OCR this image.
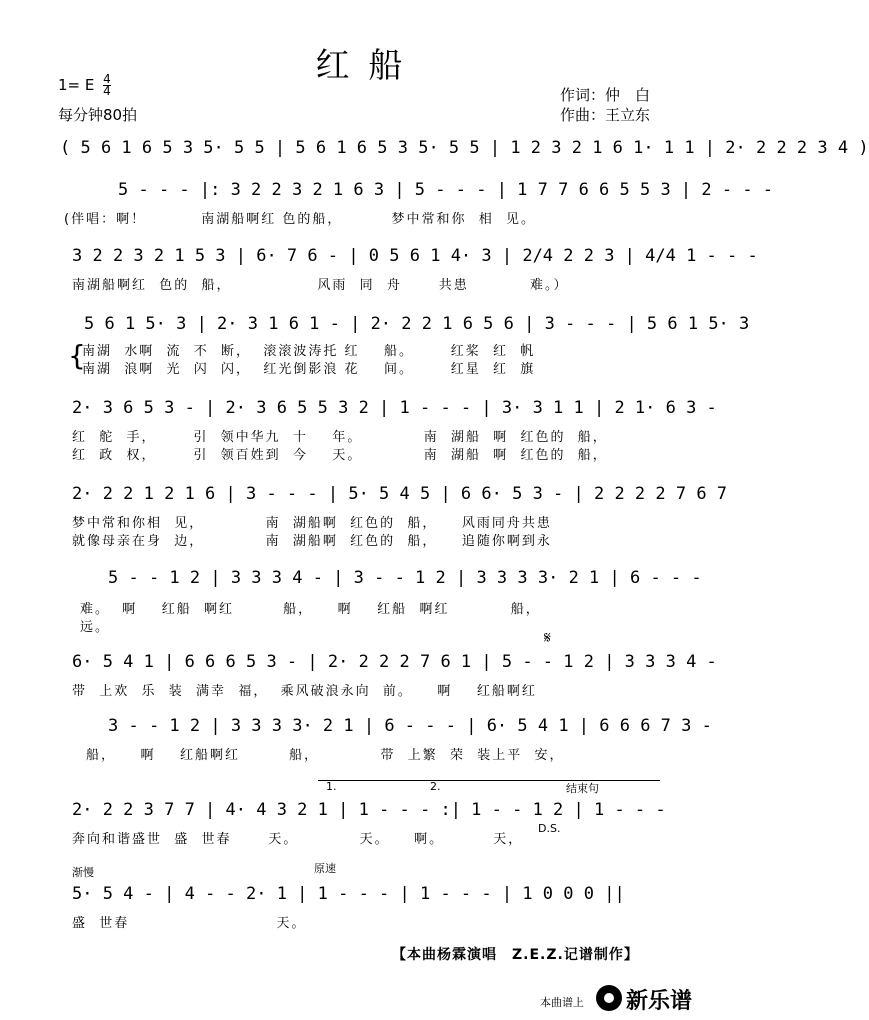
红 船
1= E $\frac{4}{4}$
每分钟80拍
作词：仲　白
作曲：王立东
( 5 6 1 6 5 3 5· 5 5 | 5 6 1 6 5 3 5· 5 5 | 1 2 3 2 1 6 1· 1 1 | 2· 2 2 2 3 4 )
5 - - - |: 3 2 2 3 2 1 6 3 | 5 - - - | 1 7 7 6 6 5 5 3 | 2 - - -
(伴唱：啊！         南湖船啊红 色的船，        梦中常和你  相  见。
3 2 2 3 2 1 5 3 | 6· 7 6 - | 0 5 6 1 4· 3 | 2/4 2 2 3 | 4/4 1 - - -
南湖船啊红  色的  船，              风雨  同  舟      共患          难。）
5 6 1 5· 3 | 2· 3 1 6 1 - | 2· 2 2 1 6 5 6 | 3 - - - | 5 6 1 5· 3
{
南湖  水啊  流  不  断，  滚滚波涛托 红    船。      红桨  红  帆
南湖  浪啊  光  闪  闪，  红光倒影浪 花    间。      红星  红  旗
2· 3 6 5 3 - | 2· 3 6 5 5 3 2 | 1 - - - | 3· 3 1 1 | 2 1· 6 3 -
红  舵  手，      引  领中华九  十    年。          南  湖船  啊  红色的  船，
红  政  权，      引  领百姓到  今    天。          南  湖船  啊  红色的  船，
2· 2 2 1 2 1 6 | 3 - - - | 5· 5 4 5 | 6 6· 5 3 - | 2 2 2 2 7 6 7
梦中常和你相  见，          南  湖船啊  红色的  船，    风雨同舟共患
就像母亲在身  边，          南  湖船啊  红色的  船，    追随你啊到永
5 - - 1 2 | 3 3 3 4 - | 3 - - 1 2 | 3 3 3 3· 2 1 | 6 - - -
难。  啊    红船  啊红        船，    啊    红船  啊红          船，
远。
𝄋
6· 5 4 1 | 6 6 6 5 3 - | 2· 2 2 2 7 6 1 | 5 - - 1 2 | 3 3 3 4 -
带  上欢  乐  装  满幸  福，  乘风破浪永向  前。    啊    红船啊红
3 - - 1 2 | 3 3 3 3· 2 1 | 6 - - - | 6· 5 4 1 | 6 6 6 7 3 -
船，    啊    红船啊红        船，          带  上繁  荣  装上平  安，
1.	2.	结束句
2· 2 2 3 7 7 | 4· 4 3 2 1 | 1 - - - :| 1 - - 1 2 | 1 - - -
奔向和谐盛世  盛  世春      天。          天。    啊。        天，
D.S.
渐慢	原速
5· 5 4 - | 4 - - 2· 1 | 1 - - - | 1 - - - | 1 0 0 0 ||
盛  世春                        天。
【本曲杨霖演唱　Z.E.Z.记谱制作】
本曲谱上 新乐谱
